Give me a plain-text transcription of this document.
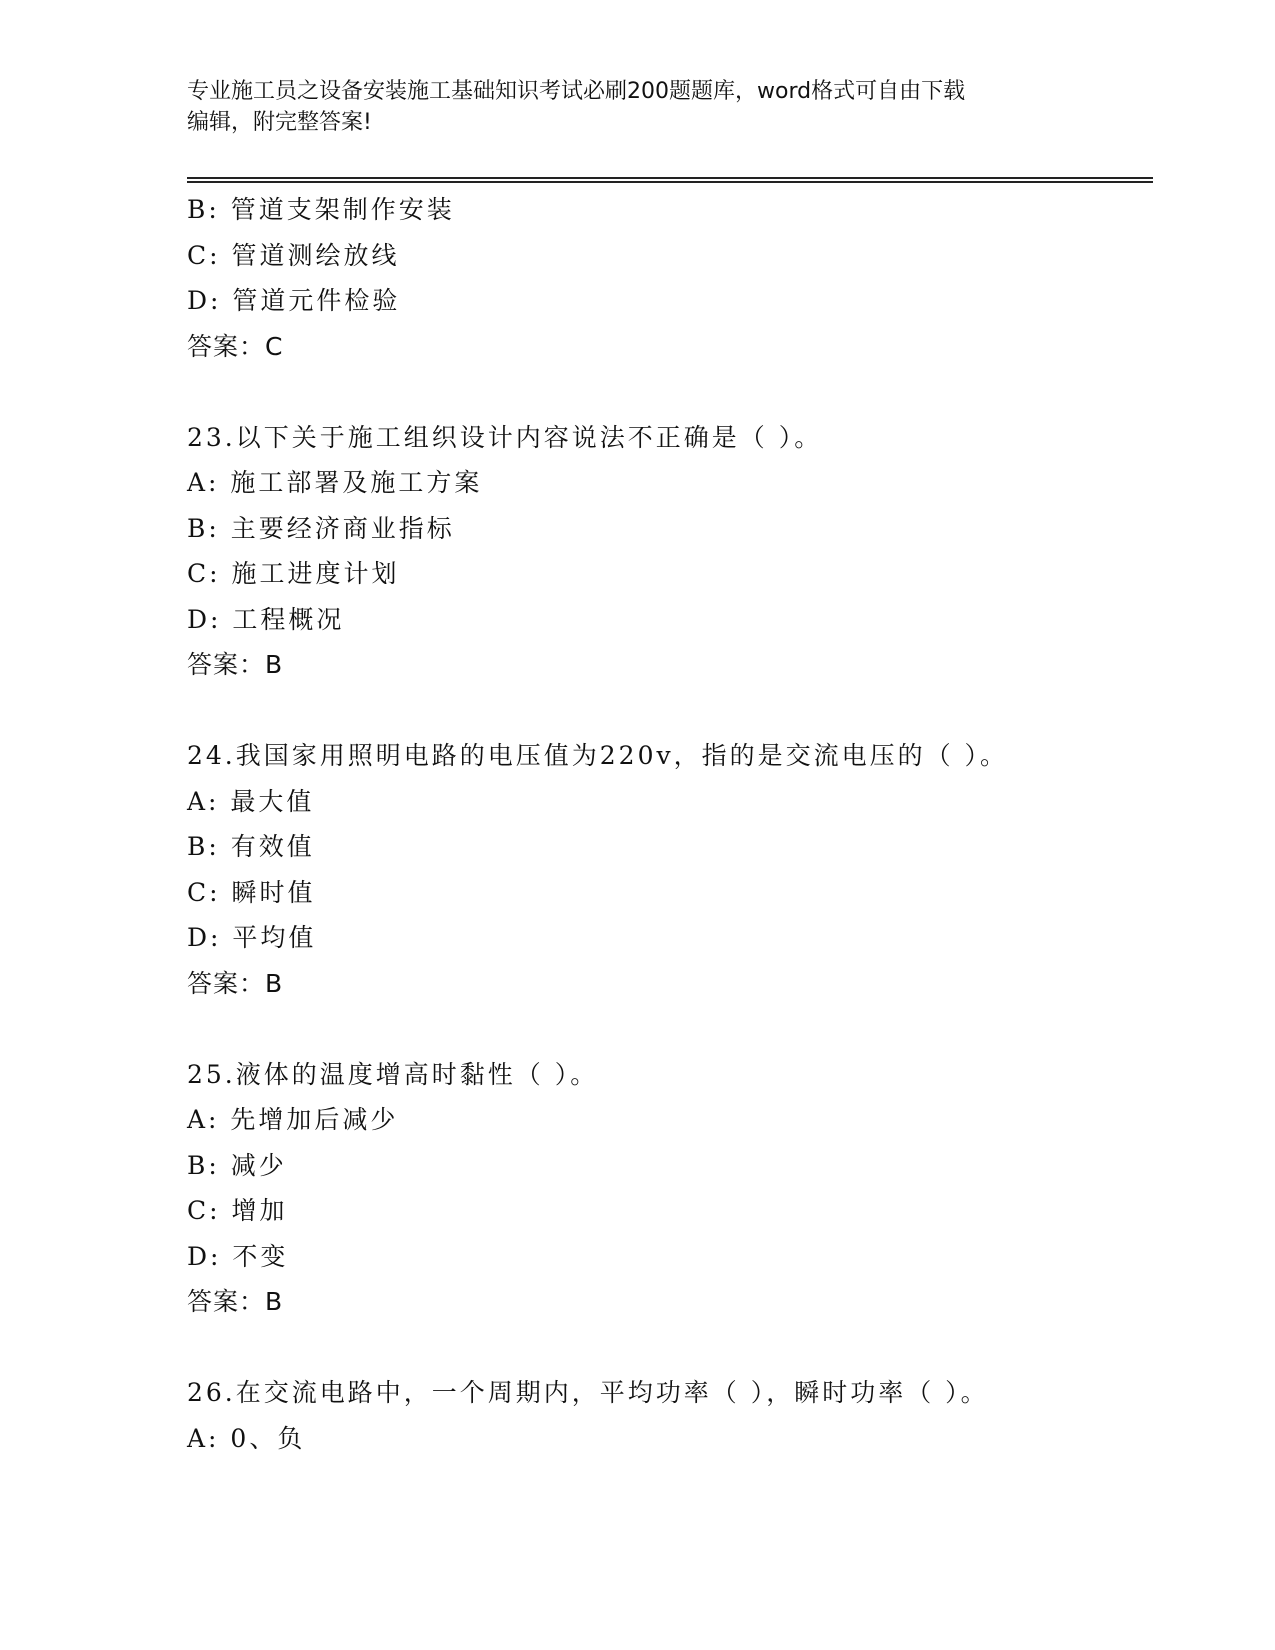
专业施工员之设备安装施工基础知识考试必刷200题题库，word格式可自由下载
编辑，附完整答案!
B: 管道支架制作安装
C: 管道测绘放线
D: 管道元件检验
答案：C
23.以下关于施工组织设计内容说法不正确是（ ）。
A: 施工部署及施工方案
B: 主要经济商业指标
C: 施工进度计划
D: 工程概况
答案：B
24.我国家用照明电路的电压值为220v，指的是交流电压的（ ）。
A: 最大值
B: 有效值
C: 瞬时值
D: 平均值
答案：B
25.液体的温度增高时黏性（ ）。
A: 先增加后减少
B: 减少
C: 增加
D: 不变
答案：B
26.在交流电路中，一个周期内，平均功率（ ），瞬时功率（ ）。
A: 0、负
